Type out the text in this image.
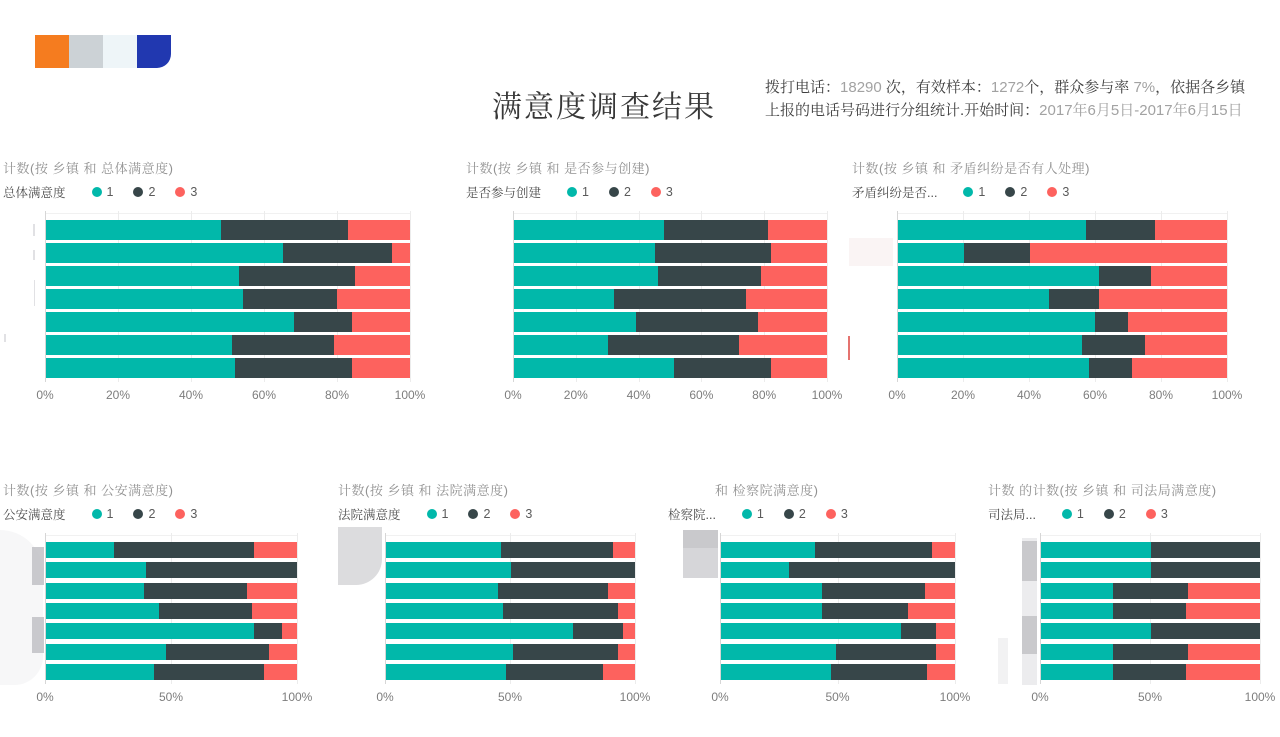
满意度调查结果

拨打电话：18290 次，有效样本：1272个，群众参与率 7%，依据各乡镇上报的电话号码进行分组统计.开始时间：2017年6月5日-2017年6月15日

计数(按 乡镇 和 总体满意度)
总体满意度	1	2	3
0%	20%	40%	60%	80%	100%
计数(按 乡镇 和 是否参与创建)
是否参与创建	1	2	3
0%	20%	40%	60%	80%	100%
计数(按 乡镇 和 矛盾纠纷是否有人处理)
矛盾纠纷是否...	1	2	3
0%	20%	40%	60%	80%	100%
计数(按 乡镇 和 公安满意度)
公安满意度	1	2	3
0%	50%	100%
计数(按 乡镇 和 法院满意度)
法院满意度	1	2	3
0%	50%	100%
和 检察院满意度)
检察院...	1	2	3
0%	50%	100%
计数 的计数(按 乡镇 和 司法局满意度)
司法局...	1	2	3
0%	50%	100%
